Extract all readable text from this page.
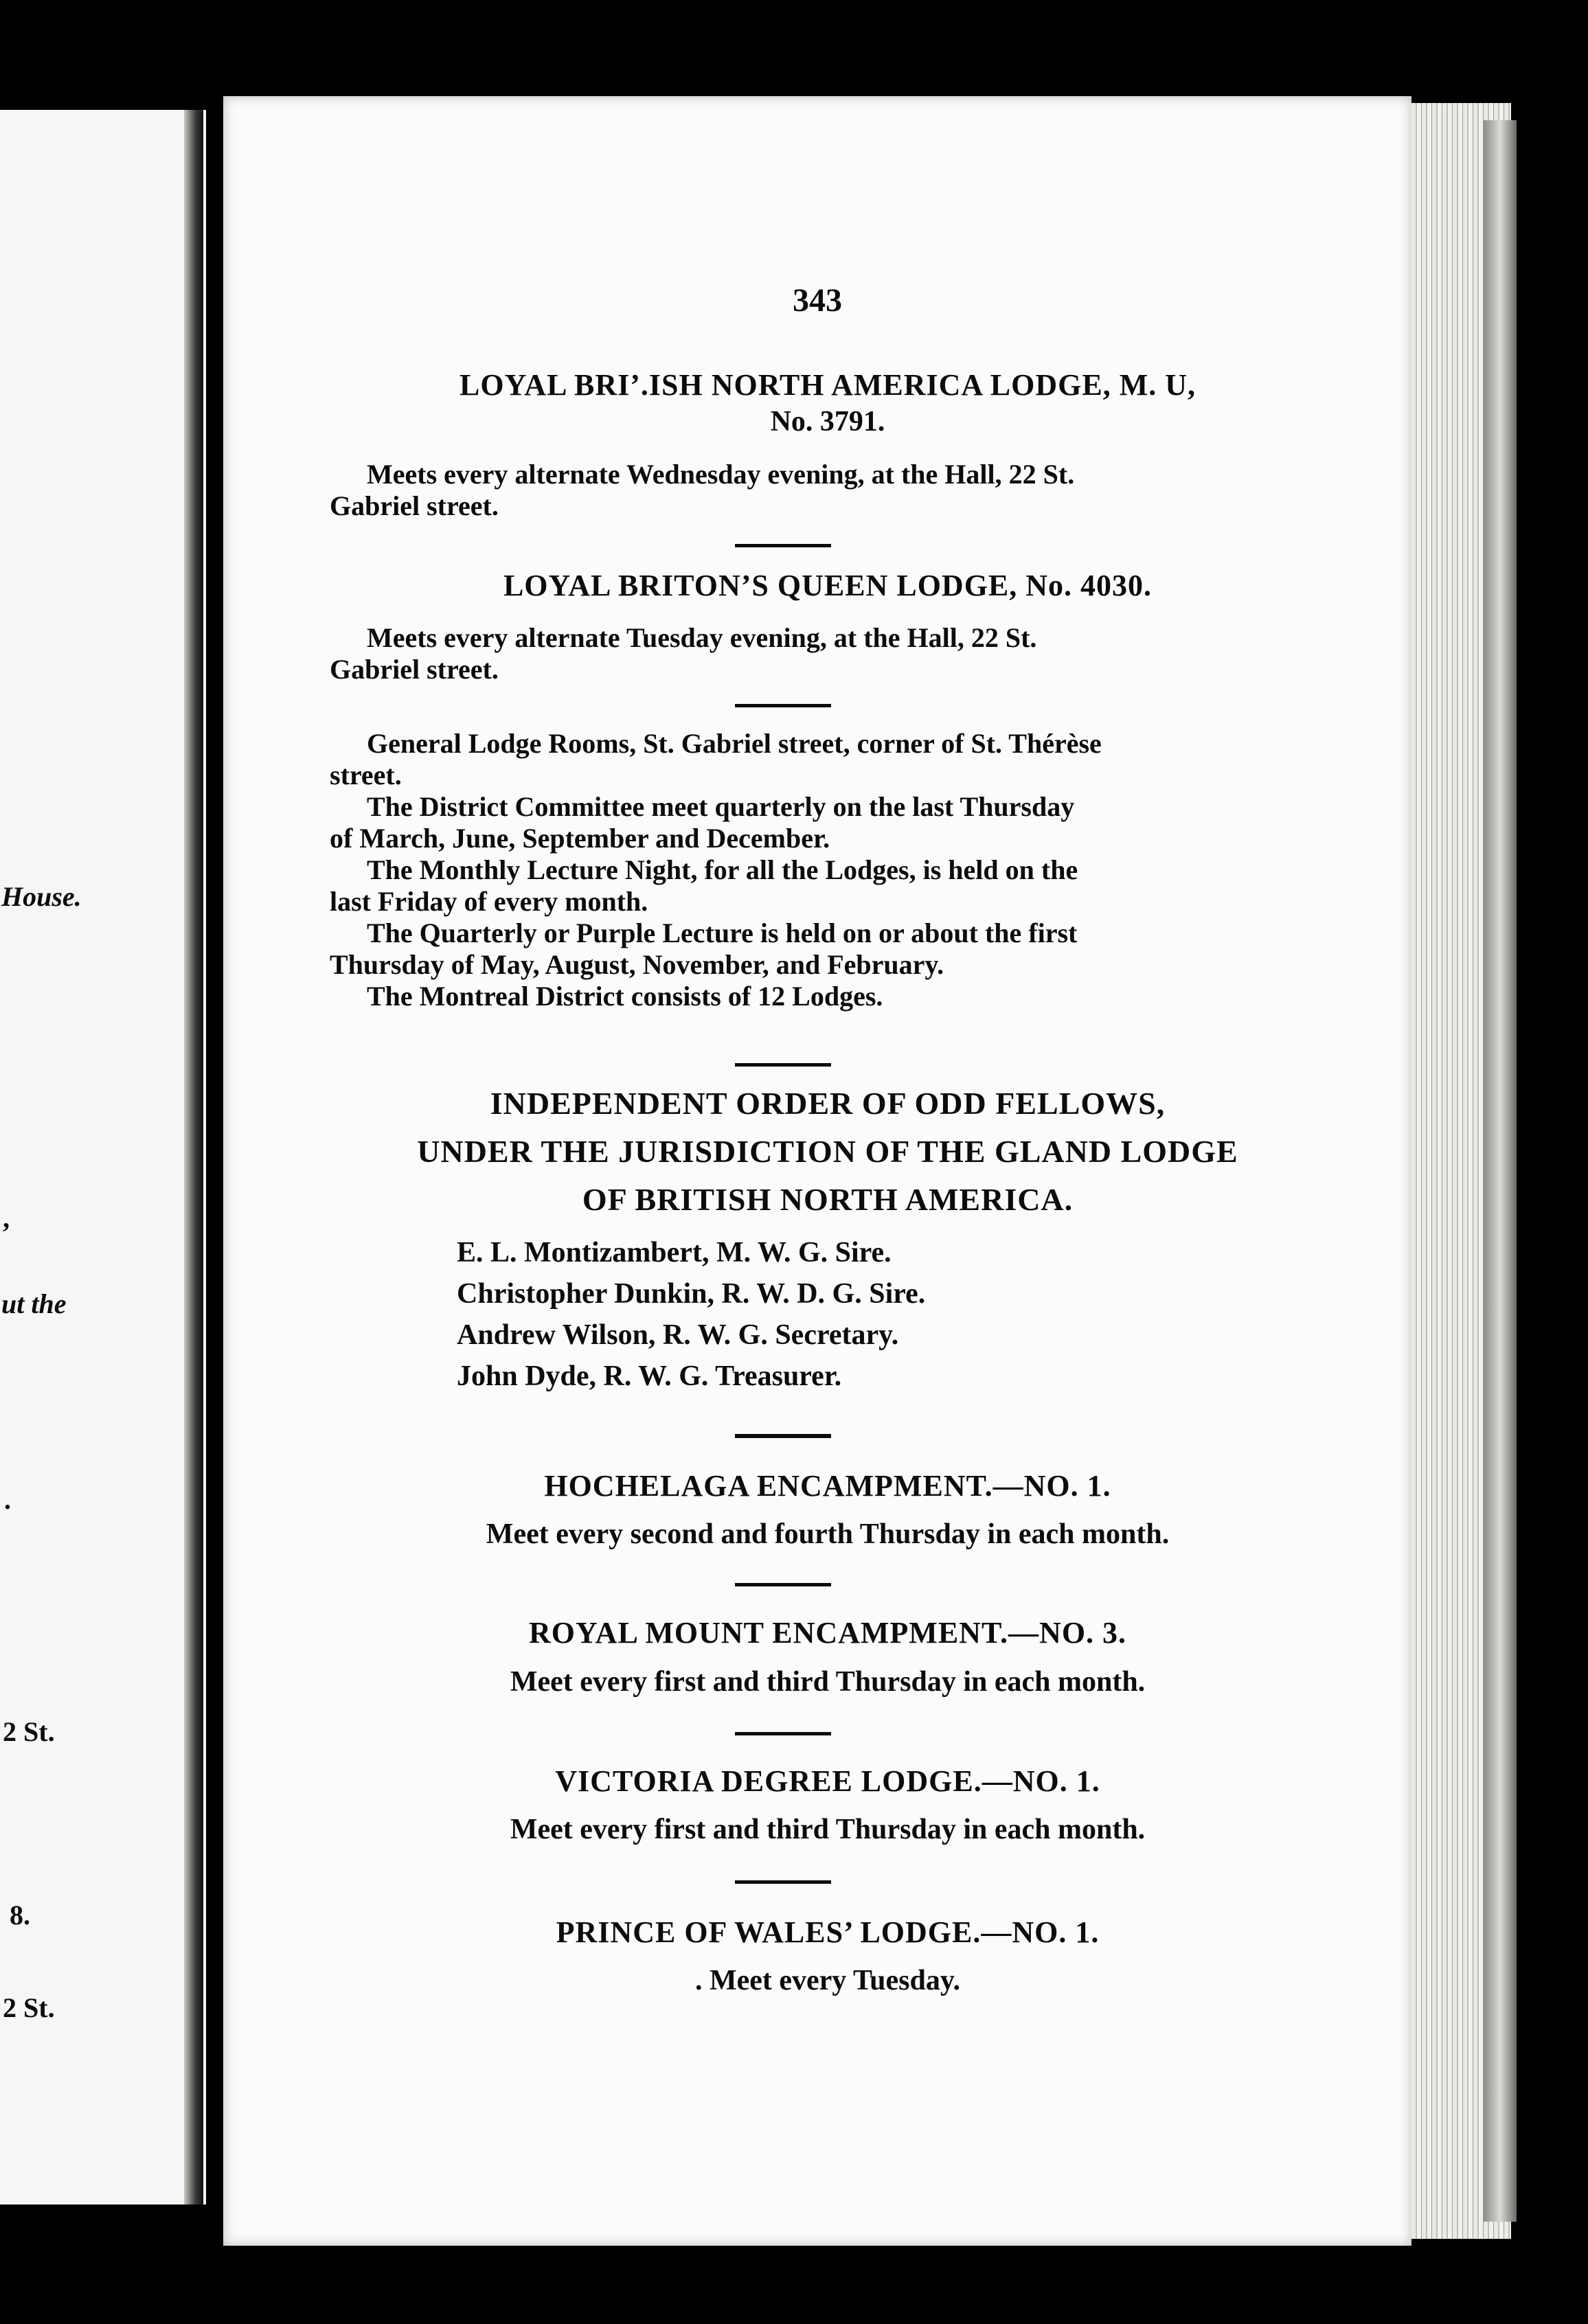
House.
,
ut the
.
2 St.
8.
2 St.
343
LOYAL BRI’.ISH NORTH AMERICA LODGE, M. U,
No. 3791.
Meets every alternate Wednesday evening, at the Hall, 22 St.
Gabriel street.
LOYAL BRITON’S QUEEN LODGE, No. 4030.
Meets every alternate Tuesday evening, at the Hall, 22 St.
Gabriel street.
General Lodge Rooms, St. Gabriel street, corner of St. Thérèse
street.
The District Committee meet quarterly on the last Thursday
of March, June, September and December.
The Monthly Lecture Night, for all the Lodges, is held on the
last Friday of every month.
The Quarterly or Purple Lecture is held on or about the first
Thursday of May, August, November, and February.
The Montreal District consists of 12 Lodges.
INDEPENDENT ORDER OF ODD FELLOWS,
UNDER THE JURISDICTION OF THE GLAND LODGE
OF BRITISH NORTH AMERICA.
E. L. Montizambert, M. W. G. Sire.
Christopher Dunkin, R. W. D. G. Sire.
Andrew Wilson, R. W. G. Secretary.
John Dyde, R. W. G. Treasurer.
HOCHELAGA ENCAMPMENT.—NO. 1.
Meet every second and fourth Thursday in each month.
ROYAL MOUNT ENCAMPMENT.—NO. 3.
Meet every first and third Thursday in each month.
VICTORIA DEGREE LODGE.—NO. 1.
Meet every first and third Thursday in each month.
PRINCE OF WALES’ LODGE.—NO. 1.
. Meet every Tuesday.
